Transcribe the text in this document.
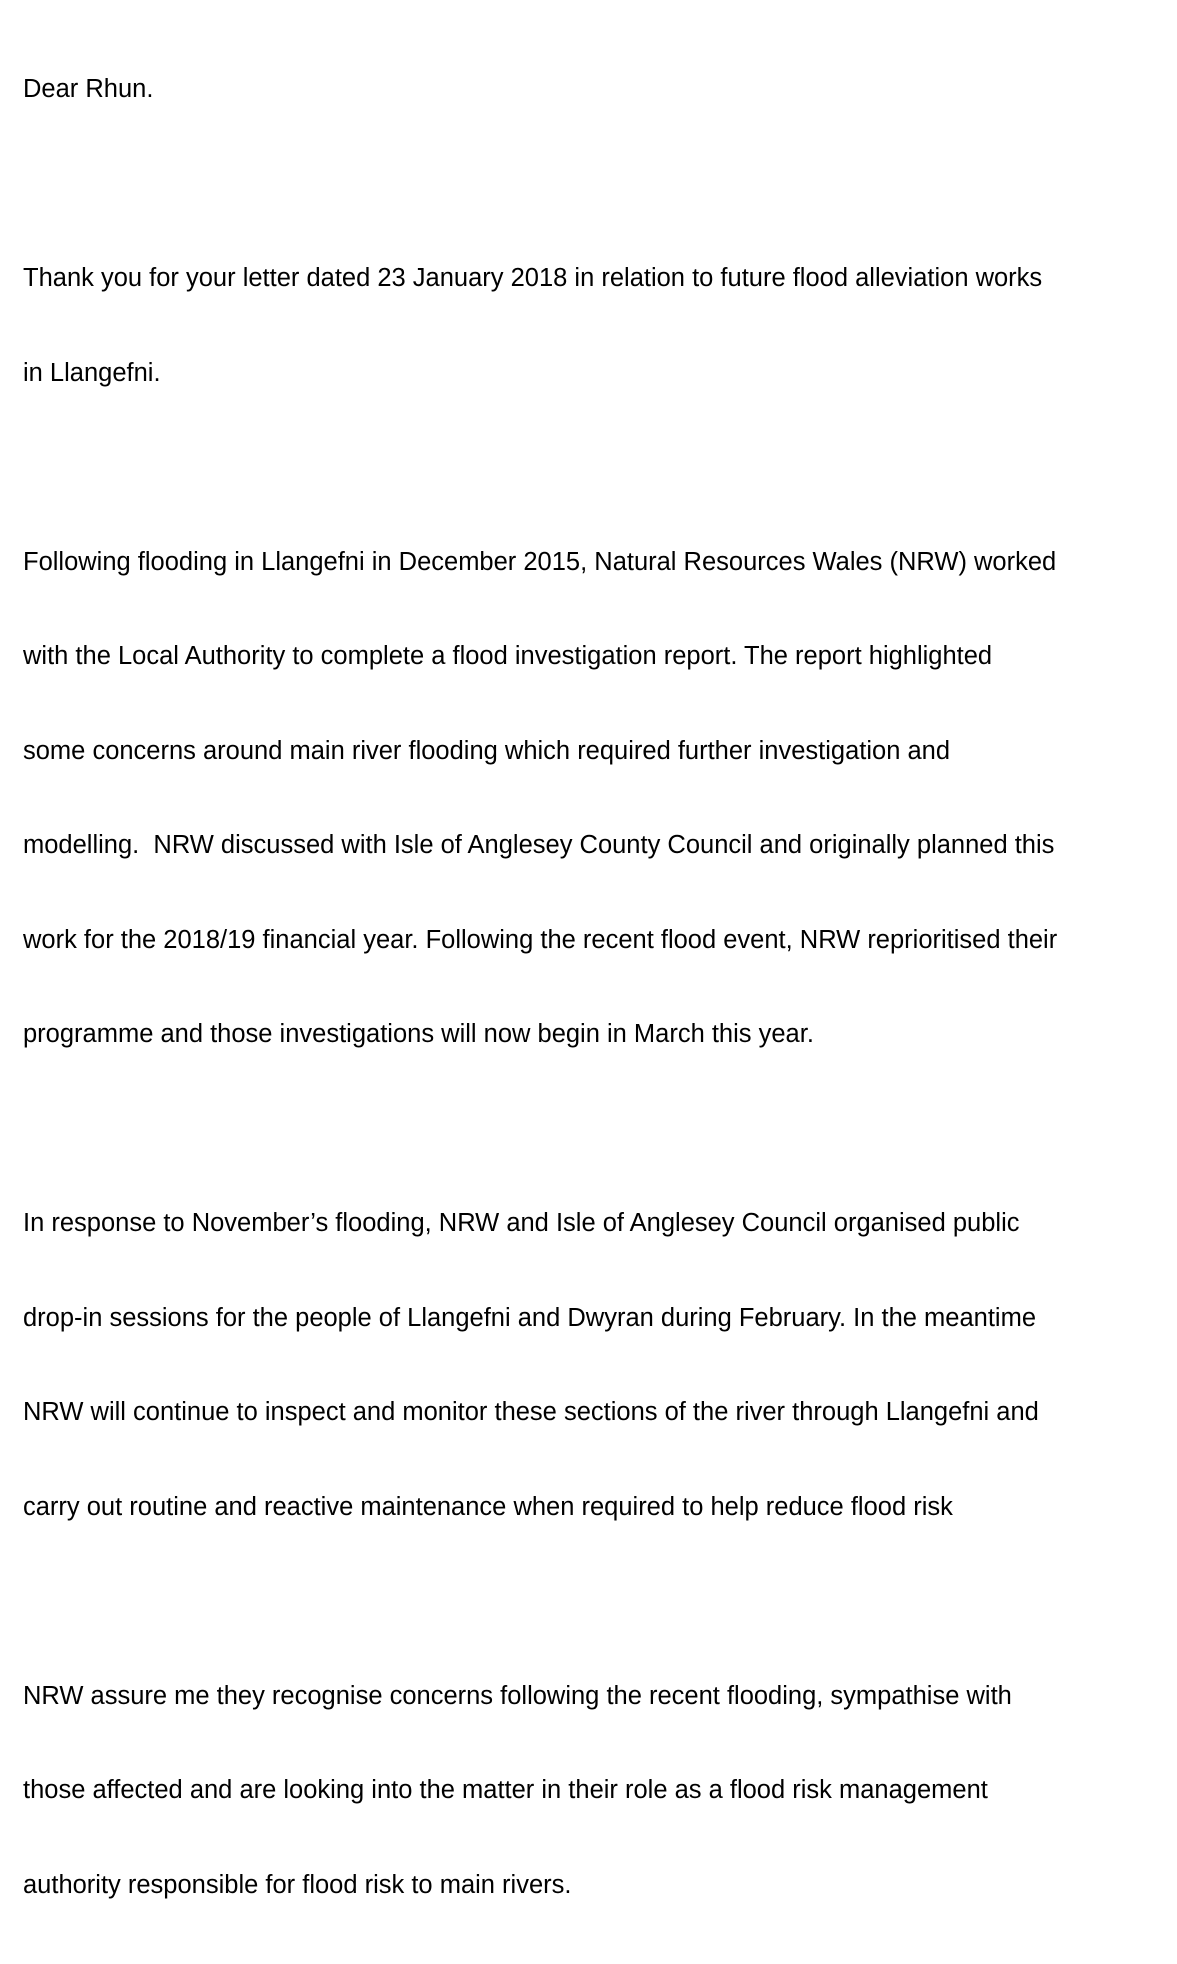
Dear Rhun.

Thank you for your letter dated 23 January 2018 in relation to future flood alleviation works

in Llangefni.

Following flooding in Llangefni in December 2015, Natural Resources Wales (NRW) worked

with the Local Authority to complete a flood investigation report. The report highlighted

some concerns around main river flooding which required further investigation and

modelling.  NRW discussed with Isle of Anglesey County Council and originally planned this

work for the 2018/19 financial year. Following the recent flood event, NRW reprioritised their

programme and those investigations will now begin in March this year.

In response to November’s flooding, NRW and Isle of Anglesey Council organised public

drop-in sessions for the people of Llangefni and Dwyran during February. In the meantime

NRW will continue to inspect and monitor these sections of the river through Llangefni and

carry out routine and reactive maintenance when required to help reduce flood risk

NRW assure me they recognise concerns following the recent flooding, sympathise with

those affected and are looking into the matter in their role as a flood risk management

authority responsible for flood risk to main rivers.
